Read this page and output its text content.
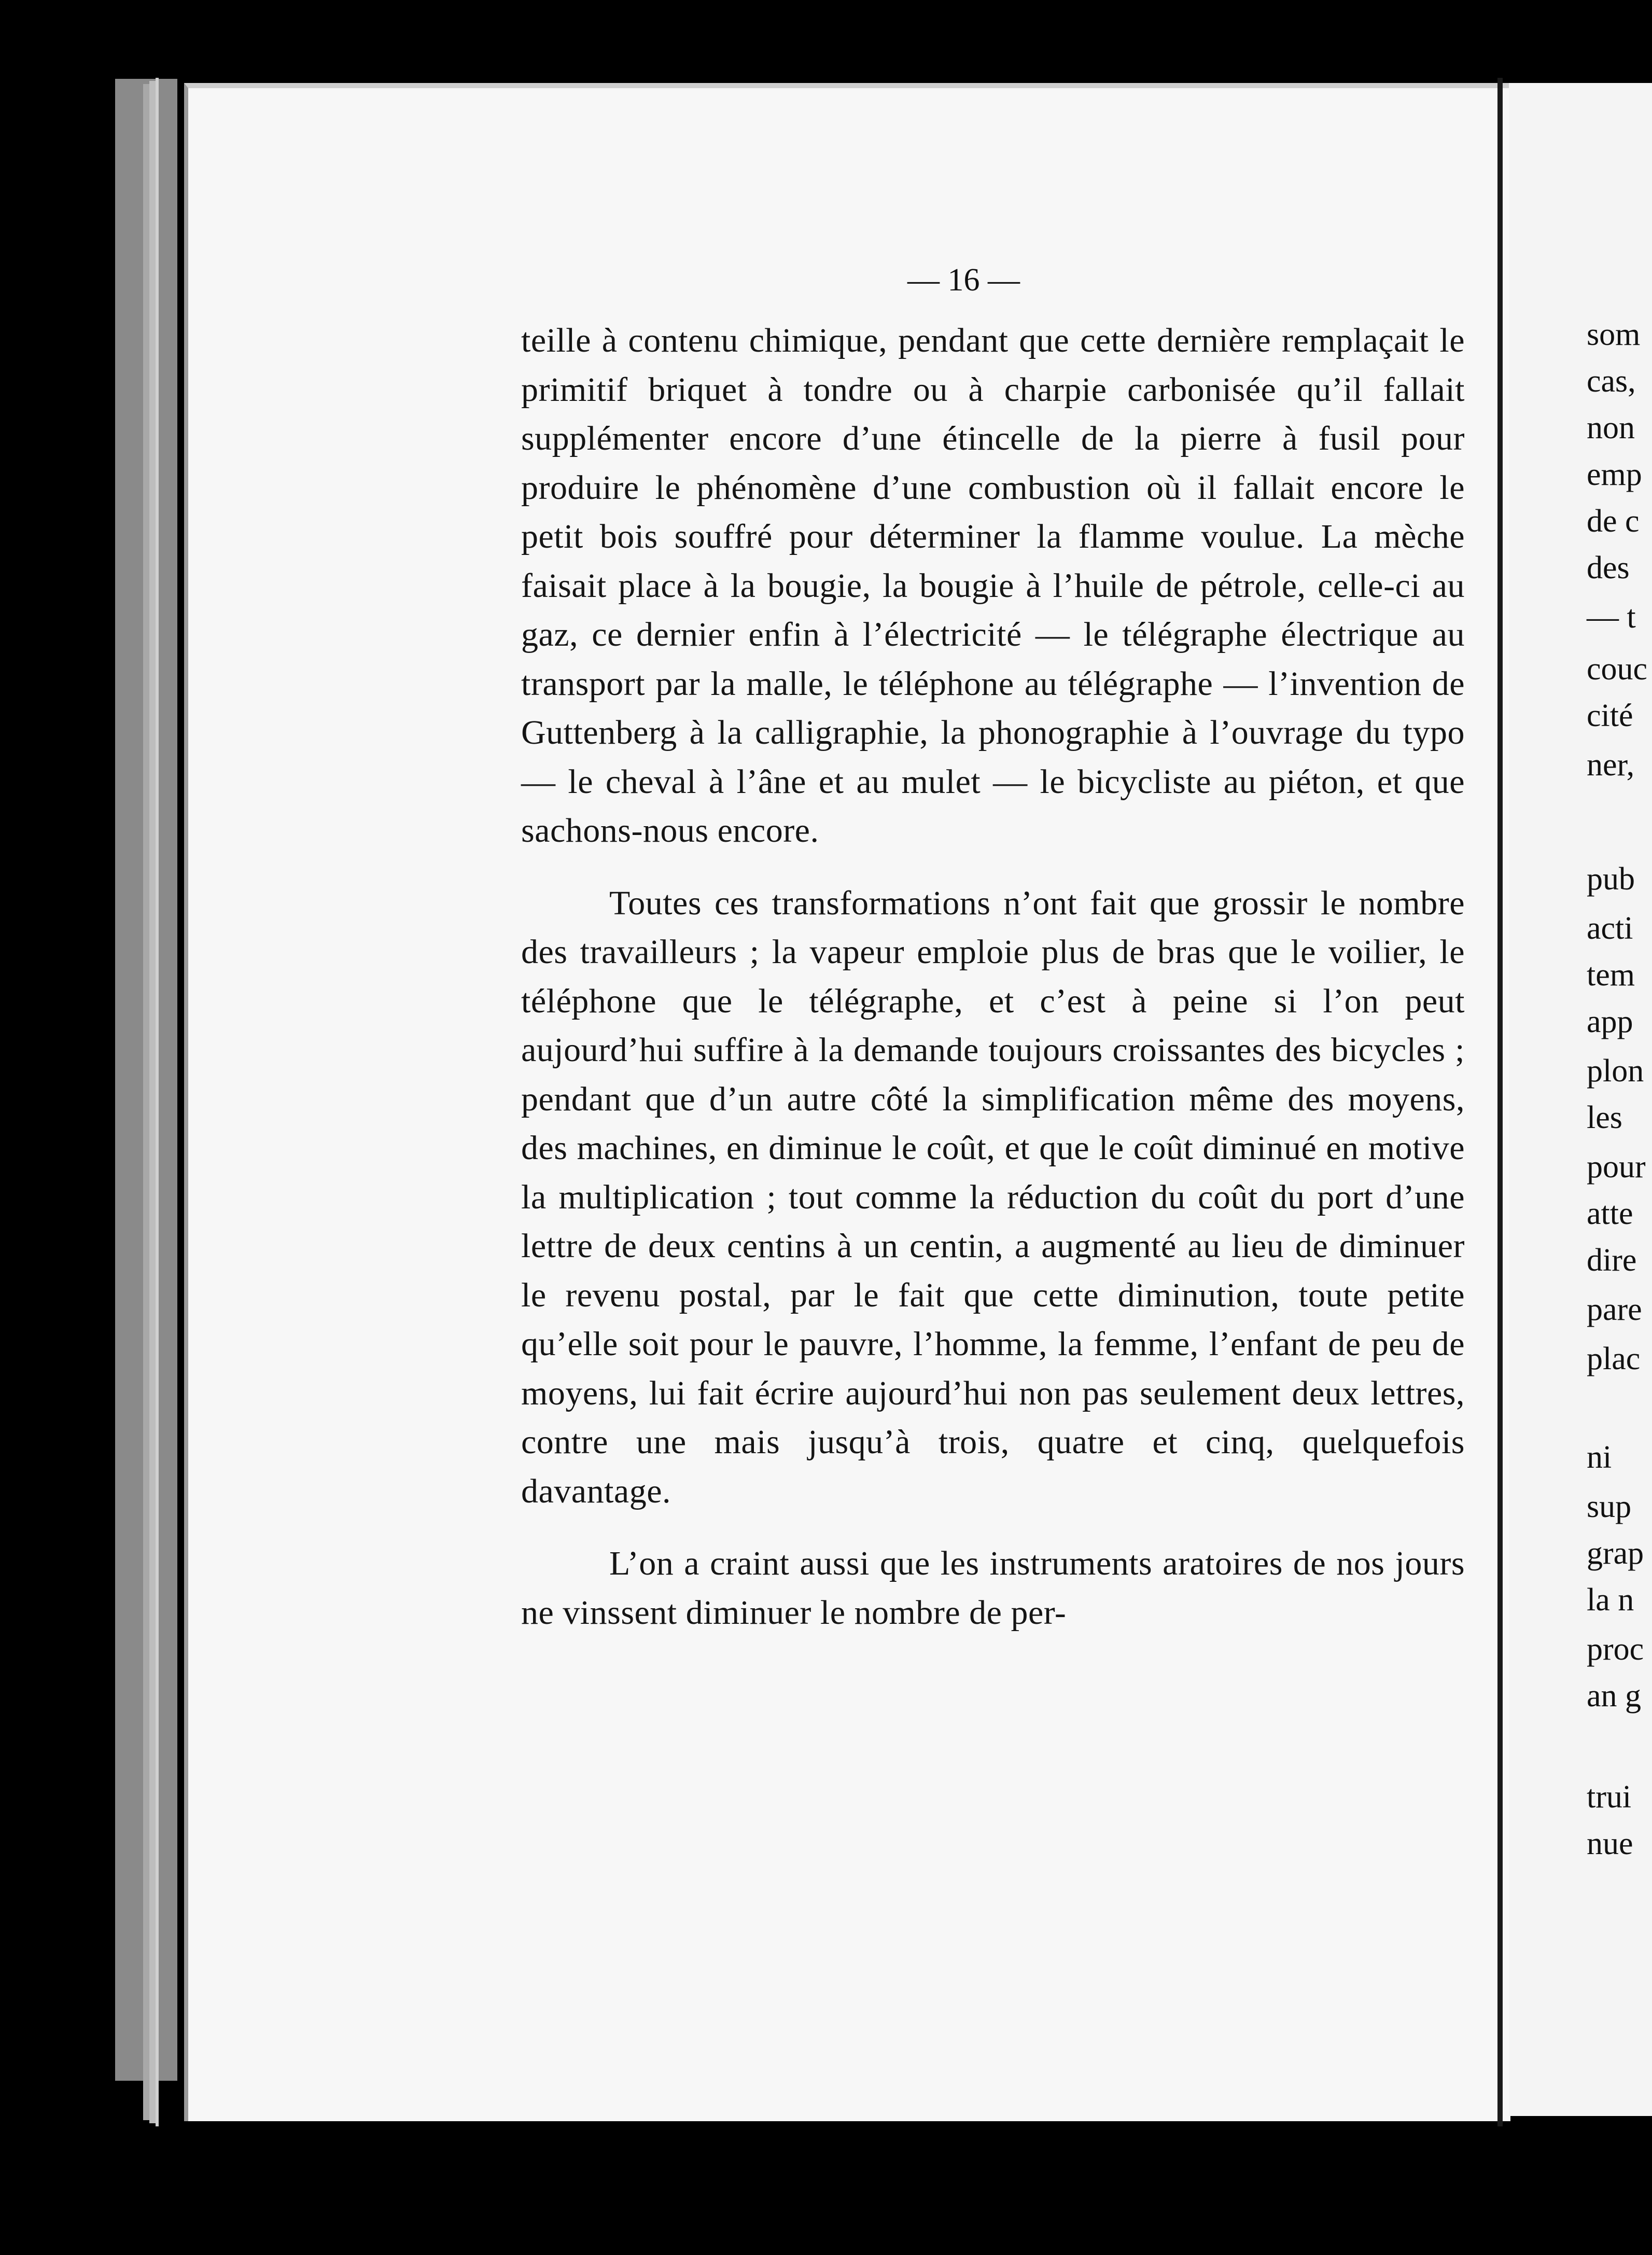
— 16 —

teille à contenu chimique, pendant que cette dernière remplaçait le primitif briquet à tondre ou à charpie carbonisée qu’il fallait supplémenter encore d’une étincelle de la pierre à fusil pour produire le phénomène d’une combustion où il fallait encore le petit bois souffré pour déterminer la flamme voulue. La mèche faisait place à la bougie, la bougie à l’huile de pétrole, celle-ci au gaz, ce dernier enfin à l’électricité — le télégraphe électrique au transport par la malle, le téléphone au télégraphe — l’invention de Guttenberg à la calligraphie, la phonographie à l’ouvrage du typo — le cheval à l’âne et au mulet — le bicycliste au piéton, et que sachons-nous encore.

Toutes ces transformations n’ont fait que grossir le nombre des travailleurs ; la vapeur emploie plus de bras que le voilier, le téléphone que le télégraphe, et c’est à peine si l’on peut aujourd’hui suffire à la demande toujours croissantes des bicycles ; pendant que d’un autre côté la simplification même des moyens, des machines, en diminue le coût, et que le coût diminué en motive la multiplication ; tout comme la réduction du coût du port d’une lettre de deux centins à un centin, a augmenté au lieu de diminuer le revenu postal, par le fait que cette diminution, toute petite qu’elle soit pour le pauvre, l’homme, la femme, l’enfant de peu de moyens, lui fait écrire aujourd’hui non pas seulement deux lettres, contre une mais jusqu’à trois, quatre et cinq, quelquefois davantage.

L’on a craint aussi que les instruments aratoires de nos jours ne vinssent diminuer le nombre de per-

som
cas,
non
emp
de c
des
— t
couc
cité
ner,
pub
acti
tem
app
plon
les
pour
atte
dire
pare
plac
ni
sup
grap
la n
proc
an g
trui
nue
